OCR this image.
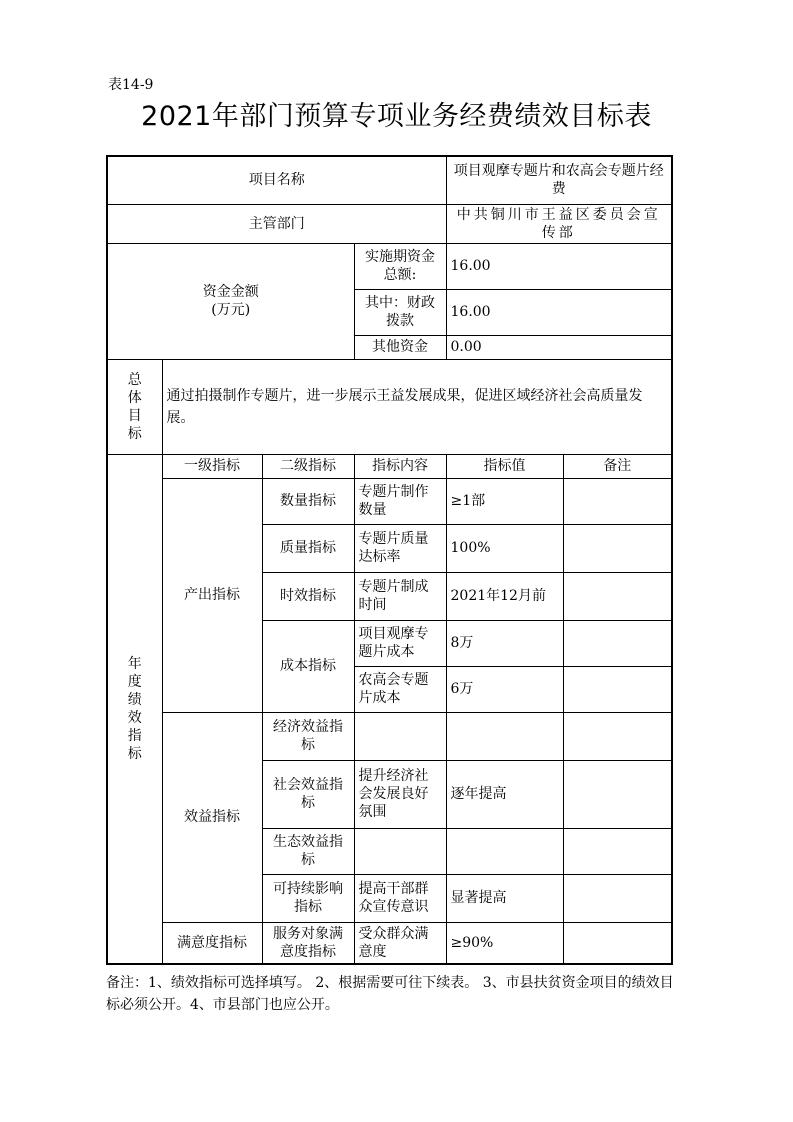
表14-9
2021年部门预算专项业务经费绩效目标表
项目名称				项目观摩专题片和农高会专题片经费	
主管部门				中共铜川市王益区委员会宣传部	

资金金额
(万元)			实施期资金总额:	16.00	
			其中：财政拨款	16.00	
			其他资金	0.00	

总体目标	通过拍摄制作专题片，进一步展示王益发展成果，促进区域经济社会高质量发展。				

年度绩效指标	一级指标	二级指标	指标内容	指标值	备注
	产出指标	数量指标	专题片制作数量	≥1部	
		质量指标	专题片质量达标率	100%	
		时效指标	专题片制成时间	2021年12月前	
		成本指标	项目观摩专题片成本	8万	
			农高会专题片成本	6万	
	效益指标	经济效益指标			
		社会效益指标	提升经济社会发展良好氛围	逐年提高	
		生态效益指标			
		可持续影响指标	提高干部群众宣传意识	显著提高	
	满意度指标	服务对象满意度指标	受众群众满意度	≥90%	
备注：1、绩效指标可选择填写。 2、根据需要可往下续表。 3、市县扶贫资金项目的绩效目标必须公开。4、市县部门也应公开。
